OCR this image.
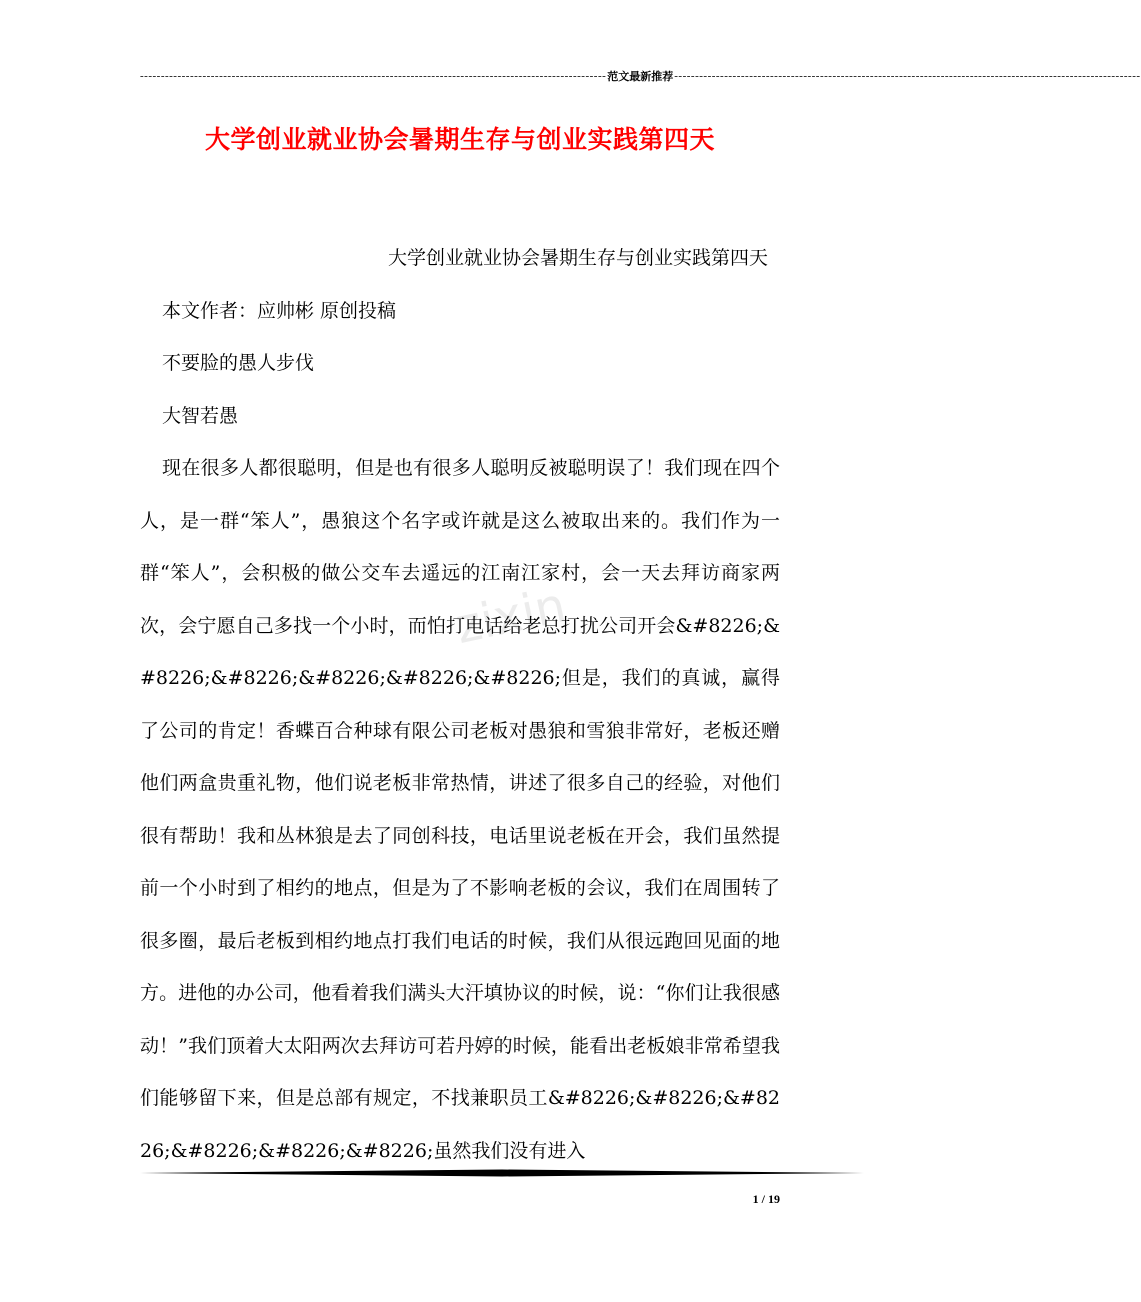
---------------------------------------------------------------------------------------------------------------- 范文最新推荐 ----------------------------------------------------------------------------------------------------------------
大学创业就业协会暑期生存与创业实践第四天
zixin

大学创业就业协会暑期生存与创业实践第四天

本文作者：应帅彬 原创投稿

不要脸的愚人步伐

大智若愚

现在很多人都很聪明，但是也有很多人聪明反被聪明误了！我们现在四个人，是一群“笨人”，愚狼这个名字或许就是这么被取出来的。我们作为一群“笨人”，会积极的做公交车去遥远的江南江家村，会一天去拜访商家两次，会宁愿自己多找一个小时，而怕打电话给老总打扰公司开会&#8226;&#8226;&#8226;&#8226;&#8226;&#8226;但是，我们的真诚，赢得了公司的肯定！香蝶百合种球有限公司老板对愚狼和雪狼非常好，老板还赠他们两盒贵重礼物，他们说老板非常热情，讲述了很多自己的经验，对他们很有帮助！我和丛林狼是去了同创科技，电话里说老板在开会，我们虽然提前一个小时到了相约的地点，但是为了不影响老板的会议，我们在周围转了很多圈，最后老板到相约地点打我们电话的时候，我们从很远跑回见面的地方。进他的办公司，他看着我们满头大汗填协议的时候，说：“你们让我很感动！”我们顶着大太阳两次去拜访可若丹婷的时候，能看出老板娘非常希望我们能够留下来，但是总部有规定，不找兼职员工&#8226;&#8226;&#8226;&#8226;&#8226;&#8226;虽然我们没有进入

1 / 19
